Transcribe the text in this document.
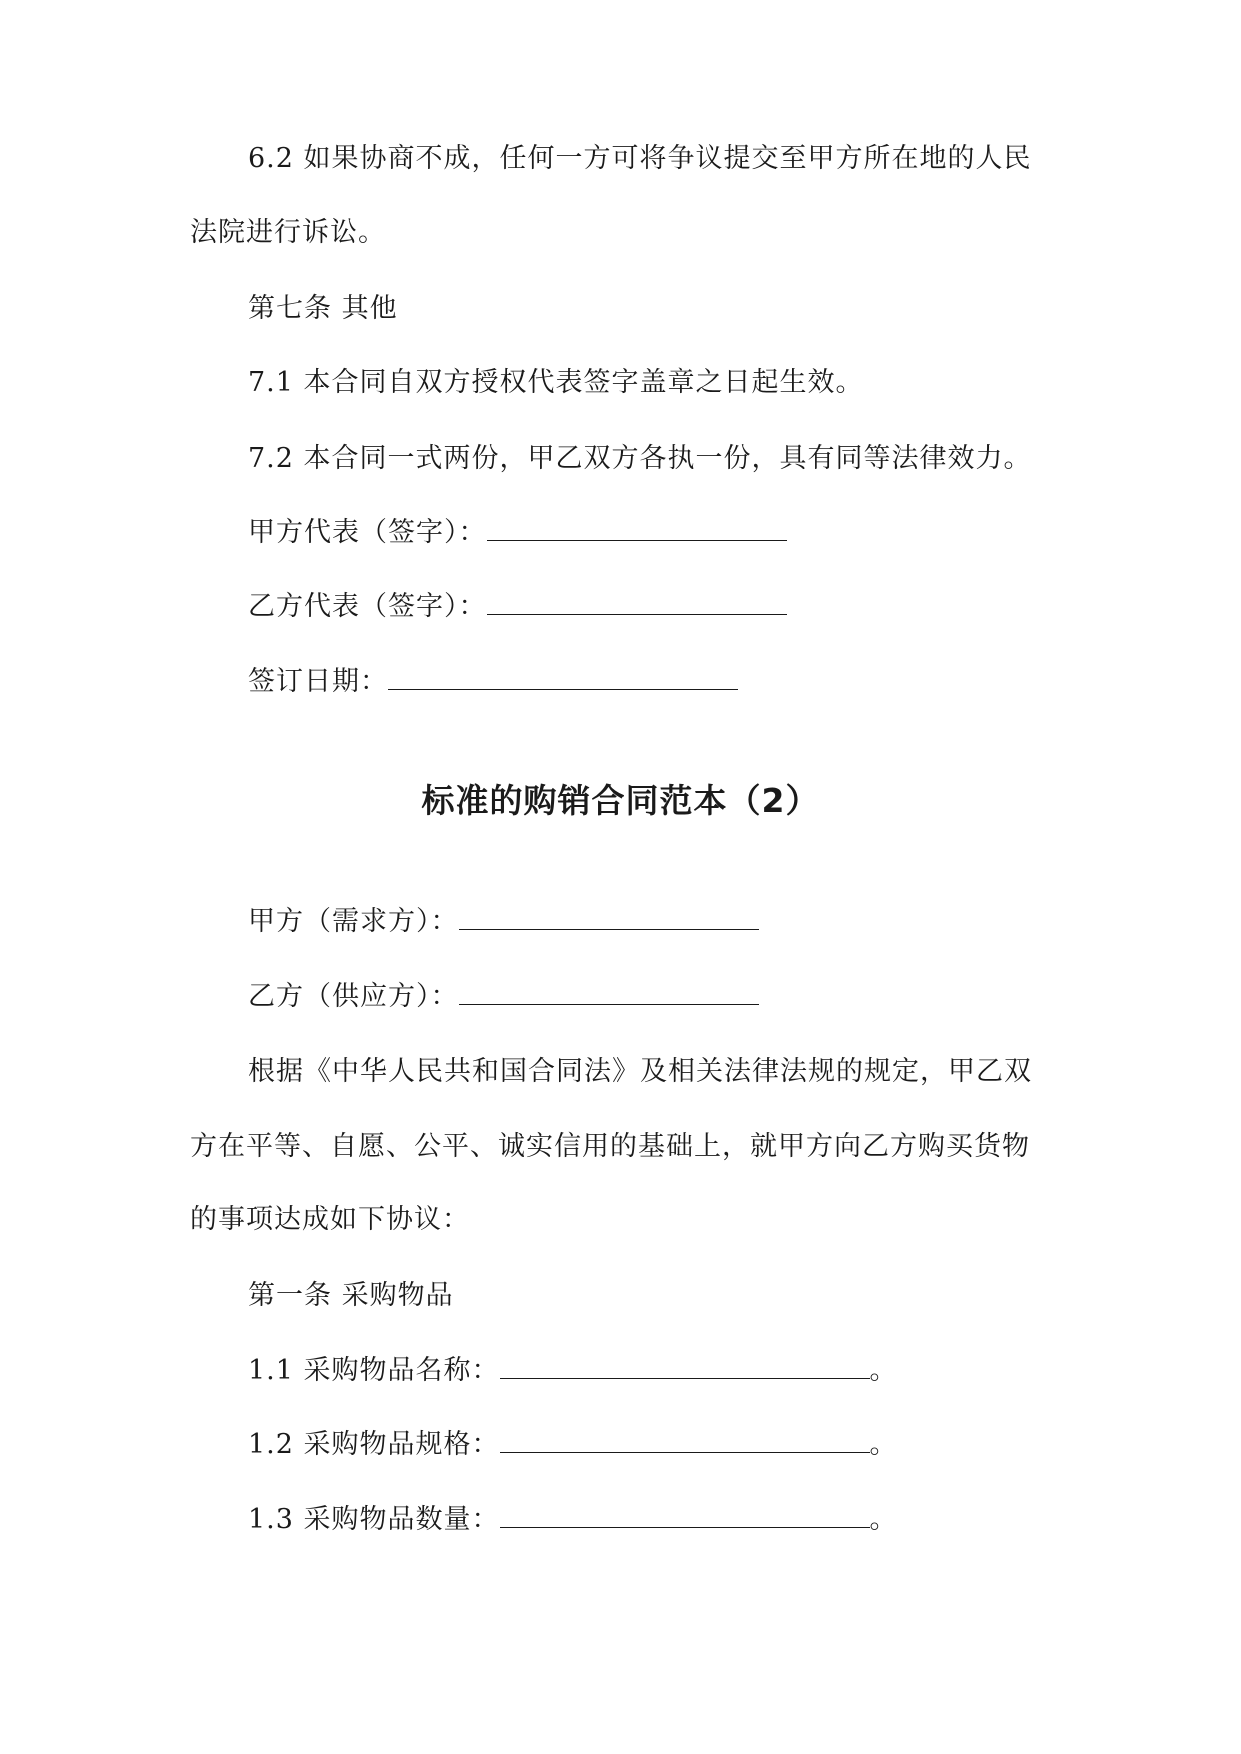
6.2 如果协商不成，任何一方可将争议提交至甲方所在地的人民
法院进行诉讼。
第七条 其他
7.1 本合同自双方授权代表签字盖章之日起生效。
7.2 本合同一式两份，甲乙双方各执一份，具有同等法律效力。
甲方代表（签字）：
乙方代表（签字）：
签订日期：
标准的购销合同范本（2）
甲方（需求方）：
乙方（供应方）：
根据《中华人民共和国合同法》及相关法律法规的规定，甲乙双
方在平等、自愿、公平、诚实信用的基础上，就甲方向乙方购买货物
的事项达成如下协议：
第一条 采购物品
1.1 采购物品名称：	。
1.2 采购物品规格：	。
1.3 采购物品数量：	。
